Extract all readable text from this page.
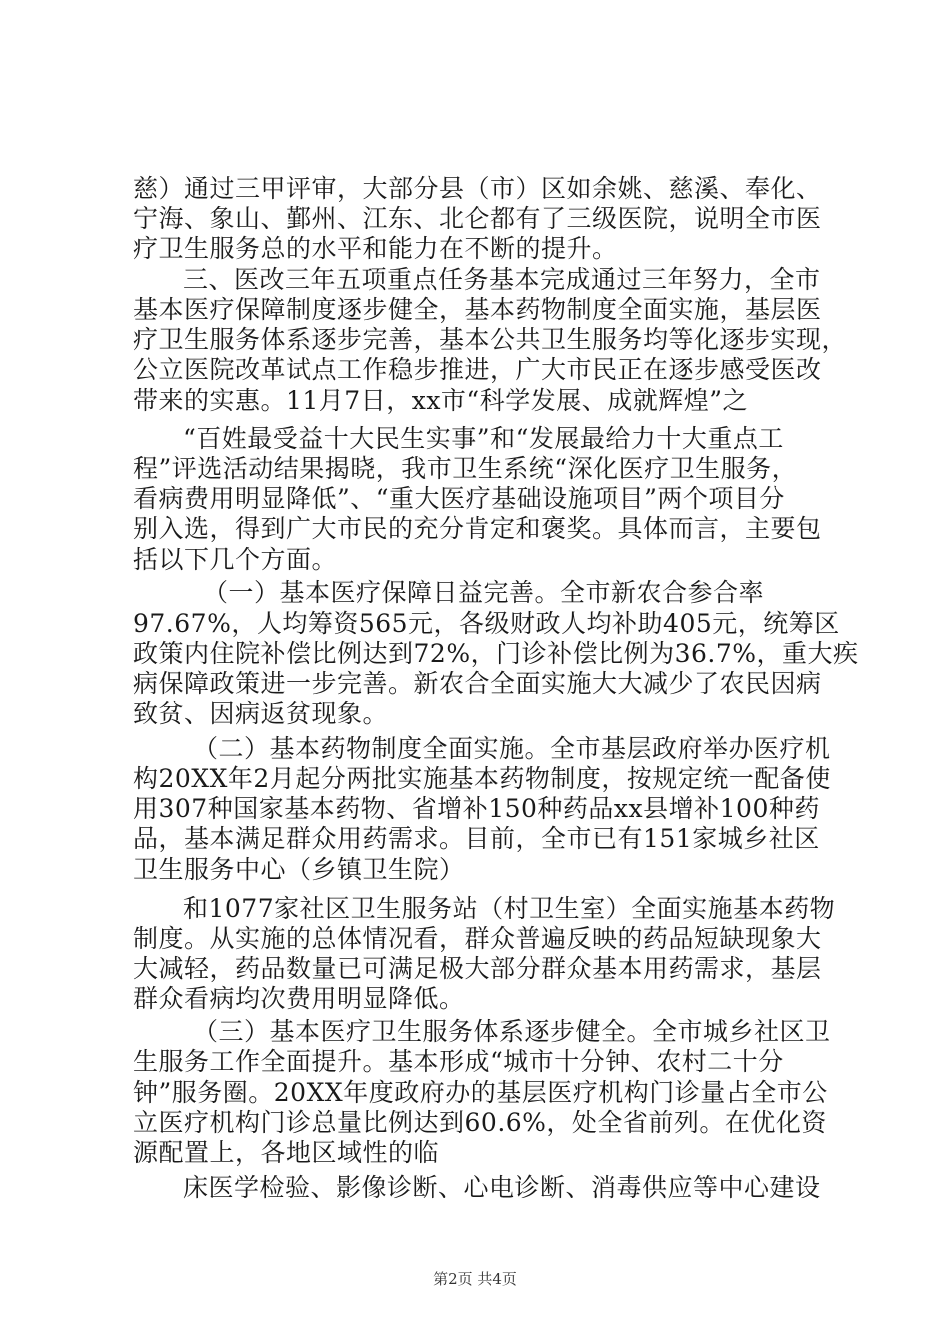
慈）通过三甲评审，大部分县（市）区如余姚、慈溪、奉化、
宁海、象山、鄞州、江东、北仑都有了三级医院，说明全市医
疗卫生服务总的水平和能力在不断的提升。
三、医改三年五项重点任务基本完成通过三年努力，全市
基本医疗保障制度逐步健全，基本药物制度全面实施，基层医
疗卫生服务体系逐步完善，基本公共卫生服务均等化逐步实现，
公立医院改革试点工作稳步推进，广大市民正在逐步感受医改
带来的实惠。11月7日，xx市“科学发展、成就辉煌”之
“百姓最受益十大民生实事”和“发展最给力十大重点工
程”评选活动结果揭晓，我市卫生系统“深化医疗卫生服务，
看病费用明显降低”、“重大医疗基础设施项目”两个项目分
别入选，得到广大市民的充分肯定和褒奖。具体而言，主要包
括以下几个方面。
（一）基本医疗保障日益完善。全市新农合参合率
97.67%，人均筹资565元，各级财政人均补助405元，统筹区
政策内住院补偿比例达到72%，门诊补偿比例为36.7%，重大疾
病保障政策进一步完善。新农合全面实施大大减少了农民因病
致贫、因病返贫现象。
（二）基本药物制度全面实施。全市基层政府举办医疗机
构20XX年2月起分两批实施基本药物制度，按规定统一配备使
用307种国家基本药物、省增补150种药品xx县增补100种药
品，基本满足群众用药需求。目前，全市已有151家城乡社区
卫生服务中心（乡镇卫生院）
和1077家社区卫生服务站（村卫生室）全面实施基本药物
制度。从实施的总体情况看，群众普遍反映的药品短缺现象大
大减轻，药品数量已可满足极大部分群众基本用药需求，基层
群众看病均次费用明显降低。
（三）基本医疗卫生服务体系逐步健全。全市城乡社区卫
生服务工作全面提升。基本形成“城市十分钟、农村二十分
钟”服务圈。20XX年度政府办的基层医疗机构门诊量占全市公
立医疗机构门诊总量比例达到60.6%，处全省前列。在优化资
源配置上，各地区域性的临
床医学检验、影像诊断、心电诊断、消毒供应等中心建设
第2页 共4页
